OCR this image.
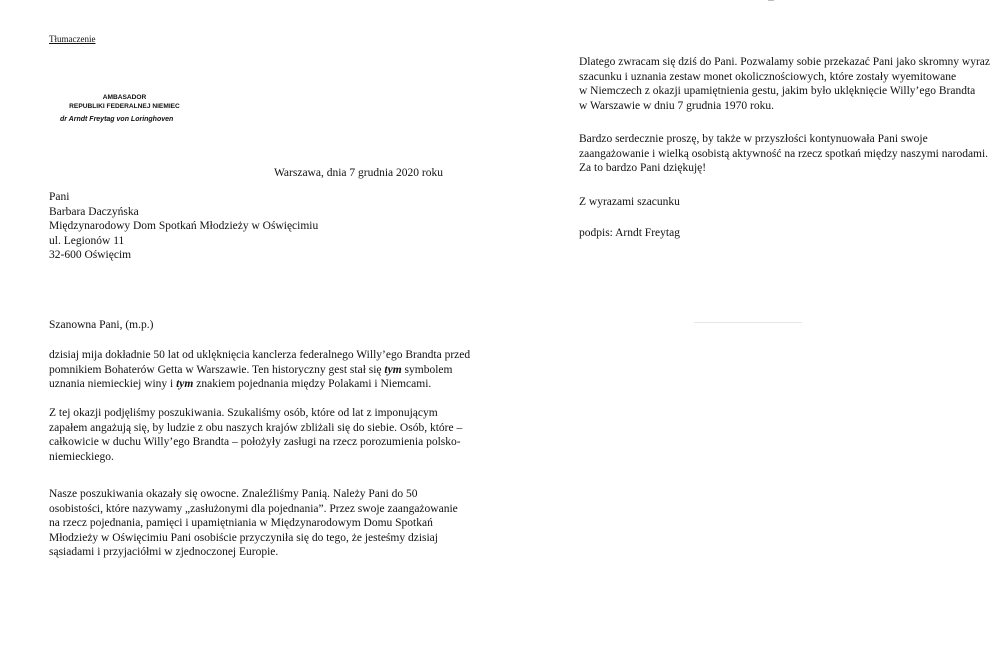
Tłumaczenie
AMBASADOR
REPUBLIKI FEDERALNEJ NIEMIEC
dr Arndt Freytag von Loringhoven
Warszawa, dnia 7 grudnia 2020 roku
Pani
Barbara Daczyńska
Międzynarodowy Dom Spotkań Młodzieży w Oświęcimiu
ul. Legionów 11
32-600 Oświęcim
Szanowna Pani, (m.p.)
dzisiaj mija dokładnie 50 lat od uklęknięcia kanclerza federalnego Willy’ego Brandta przed
pomnikiem Bohaterów Getta w Warszawie. Ten historyczny gest stał się tym symbolem
uznania niemieckiej winy i tym znakiem pojednania między Polakami i Niemcami.
Z tej okazji podjęliśmy poszukiwania. Szukaliśmy osób, które od lat z imponującym
zapałem angażują się, by ludzie z obu naszych krajów zbliżali się do siebie. Osób, które –
całkowicie w duchu Willy’ego Brandta – położyły zasługi na rzecz porozumienia polsko-
niemieckiego.
Nasze poszukiwania okazały się owocne. Znaleźliśmy Panią. Należy Pani do 50
osobistości, które nazywamy „zasłużonymi dla pojednania”. Przez swoje zaangażowanie
na rzecz pojednania, pamięci i upamiętniania w Międzynarodowym Domu Spotkań
Młodzieży w Oświęcimiu Pani osobiście przyczyniła się do tego, że jesteśmy dzisiaj
sąsiadami i przyjaciółmi w zjednoczonej Europie.
Dlatego zwracam się dziś do Pani. Pozwalamy sobie przekazać Pani jako skromny wyraz
szacunku i uznania zestaw monet okolicznościowych, które zostały wyemitowane
w Niemczech z okazji upamiętnienia gestu, jakim było uklęknięcie Willy’ego Brandta
w Warszawie w dniu 7 grudnia 1970 roku.
Bardzo serdecznie proszę, by także w przyszłości kontynuowała Pani swoje
zaangażowanie i wielką osobistą aktywność na rzecz spotkań między naszymi narodami.
Za to bardzo Pani dziękuję!
Z wyrazami szacunku
podpis: Arndt Freytag
